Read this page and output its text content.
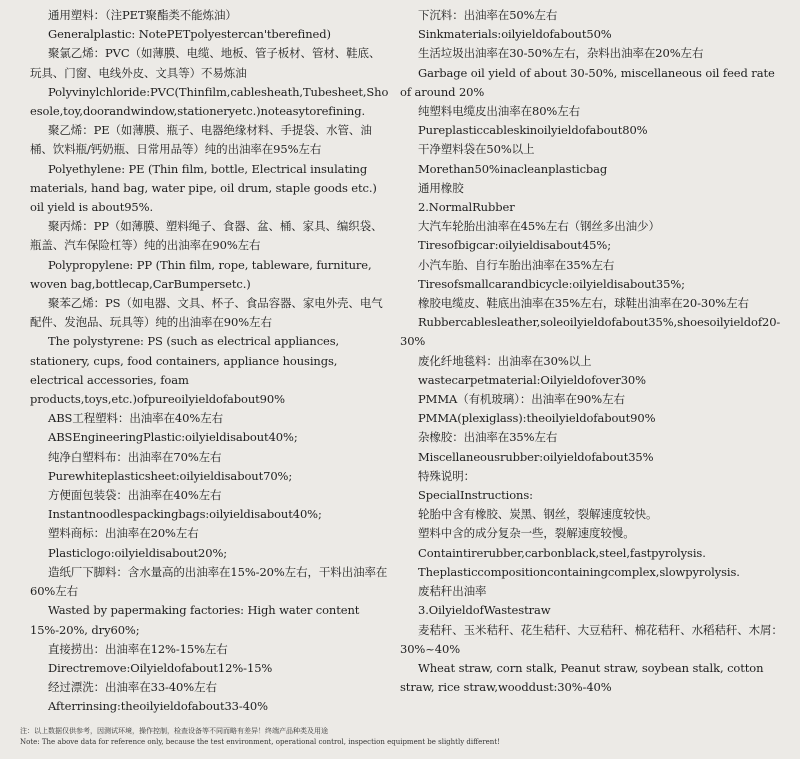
通用塑料：（注PET聚酯类不能炼油）

Generalplastic: NotePETpolyestercan'tberefined)

聚氯乙烯：PVC（如薄膜、电缆、地板、管子板材、管材、鞋底、玩具、门窗、电线外皮、文具等）不易炼油

Polyvinylchloride:PVC(Thinfilm,cablesheath,Tubesheet,Shoesole,toy,doorandwindow,stationeryetc.)noteasytorefining.

聚乙烯：PE（如薄膜、瓶子、电器绝缘材料、手提袋、水管、油桶、饮料瓶/钙奶瓶、日常用品等）纯的出油率在95%左右

Polyethylene: PE (Thin film, bottle, Electrical insulating materials, hand bag, water pipe, oil drum, staple goods etc.) oil yield is about95%.

聚丙烯：PP（如薄膜、塑料绳子、食器、盆、桶、家具、编织袋、瓶盖、汽车保险杠等）纯的出油率在90%左右

Polypropylene: PP (Thin film, rope, tableware, furniture, woven bag,bottlecap,CarBumpersetc.)

聚苯乙烯：PS（如电器、文具、杯子、食品容器、家电外壳、电气配件、发泡品、玩具等）纯的出油率在90%左右

The polystyrene: PS (such as electrical appliances, stationery, cups, food containers, appliance housings, electrical accessories, foam products,toys,etc.)ofpureoilyieldofabout90%

ABS工程塑料：出油率在40%左右

ABSEngineeringPlastic:oilyieldisabout40%;

纯净白塑料布：出油率在70%左右

Purewhiteplasticsheet:oilyieldisabout70%;

方便面包装袋：出油率在40%左右

Instantnoodlespackingbags:oilyieldisabout40%;

塑料商标：出油率在20%左右

Plasticlogo:oilyieldisabout20%;

造纸厂下脚料：含水量高的出油率在15%-20%左右，干料出油率在60%左右

Wasted by papermaking factories: High water content 15%-20%, dry60%;

直接捞出：出油率在12%-15%左右

Directremove:Oilyieldofabout12%-15%

经过漂洗：出油率在33-40%左右

Afterrinsing:theoilyieldofabout33-40%

下沉料：出油率在50%左右

Sinkmaterials:oilyieldofabout50%

生活垃圾出油率在30-50%左右，杂料出油率在20%左右

Garbage oil yield of about 30-50%, miscellaneous oil feed rate of around 20%

纯塑料电缆皮出油率在80%左右

Pureplasticcableskinoilyieldofabout80%

干净塑料袋在50%以上

Morethan50%inacleanplasticbag

通用橡胶

2.NormalRubber

大汽车轮胎出油率在45%左右（钢丝多出油少）

Tiresofbigcar:oilyieldisabout45%;

小汽车胎、自行车胎出油率在35%左右

Tiresofsmallcarandbicycle:oilyieldisabout35%;

橡胶电缆皮、鞋底出油率在35%左右，球鞋出油率在20-30%左右

Rubbercablesleather,soleoilyieldofabout35%,shoesoilyieldof20-30%

废化纤地毯料：出油率在30%以上

wastecarpetmaterial:Oilyieldofover30%

PMMA（有机玻璃）：出油率在90%左右

PMMA(plexiglass):theoilyieldofabout90%

杂橡胶：出油率在35%左右

Miscellaneousrubber:oilyieldofabout35%

特殊说明：

SpecialInstructions:

轮胎中含有橡胶、炭黑、钢丝，裂解速度较快。

塑料中含的成分复杂一些，裂解速度较慢。

Containtirerubber,carbonblack,steel,fastpyrolysis.

Theplasticcompositioncontainingcomplex,slowpyrolysis.

废秸秆出油率

3.OilyieldofWastestraw

麦秸秆、玉米秸秆、花生秸秆、大豆秸秆、棉花秸秆、水稻秸秆、木屑：30%~40%

Wheat straw, corn stalk, Peanut straw, soybean stalk, cotton straw, rice straw,wooddust:30%-40%

注：以上数据仅供参考，因测试环境，操作控制，检查设备等不同而略有差异！终端产品种类及用途
Note: The above data for reference only, because the test environment, operational control, inspection equipment be slightly different!
